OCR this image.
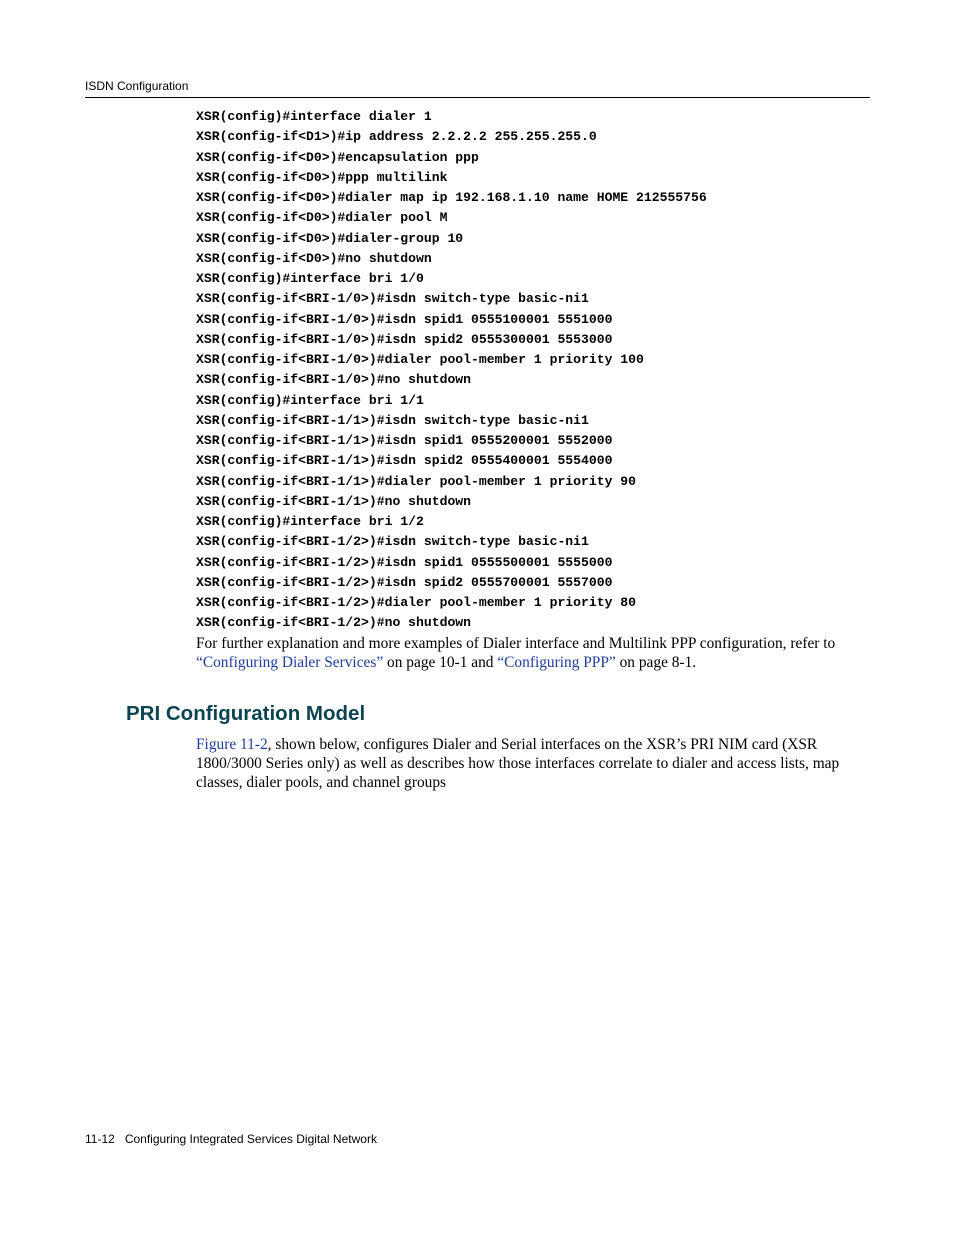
ISDN Configuration
XSR(config)#interface dialer 1
XSR(config-if<D1>)#ip address 2.2.2.2 255.255.255.0
XSR(config-if<D0>)#encapsulation ppp
XSR(config-if<D0>)#ppp multilink
XSR(config-if<D0>)#dialer map ip 192.168.1.10 name HOME 212555756
XSR(config-if<D0>)#dialer pool M
XSR(config-if<D0>)#dialer-group 10
XSR(config-if<D0>)#no shutdown
XSR(config)#interface bri 1/0
XSR(config-if<BRI-1/0>)#isdn switch-type basic-ni1
XSR(config-if<BRI-1/0>)#isdn spid1 0555100001 5551000
XSR(config-if<BRI-1/0>)#isdn spid2 0555300001 5553000
XSR(config-if<BRI-1/0>)#dialer pool-member 1 priority 100
XSR(config-if<BRI-1/0>)#no shutdown
XSR(config)#interface bri 1/1
XSR(config-if<BRI-1/1>)#isdn switch-type basic-ni1
XSR(config-if<BRI-1/1>)#isdn spid1 0555200001 5552000
XSR(config-if<BRI-1/1>)#isdn spid2 0555400001 5554000
XSR(config-if<BRI-1/1>)#dialer pool-member 1 priority 90
XSR(config-if<BRI-1/1>)#no shutdown
XSR(config)#interface bri 1/2
XSR(config-if<BRI-1/2>)#isdn switch-type basic-ni1
XSR(config-if<BRI-1/2>)#isdn spid1 0555500001 5555000
XSR(config-if<BRI-1/2>)#isdn spid2 0555700001 5557000
XSR(config-if<BRI-1/2>)#dialer pool-member 1 priority 80
XSR(config-if<BRI-1/2>)#no shutdown

For further explanation and more examples of Dialer interface and Multilink PPP configuration, refer to “Configuring Dialer Services” on page 10-1 and “Configuring PPP” on page 8-1.

PRI Configuration Model

Figure 11-2, shown below, configures Dialer and Serial interfaces on the XSR’s PRI NIM card (XSR 1800/3000 Series only) as well as describes how those interfaces correlate to dialer and access lists, map classes, dialer pools, and channel groups

11-12 Configuring Integrated Services Digital Network
